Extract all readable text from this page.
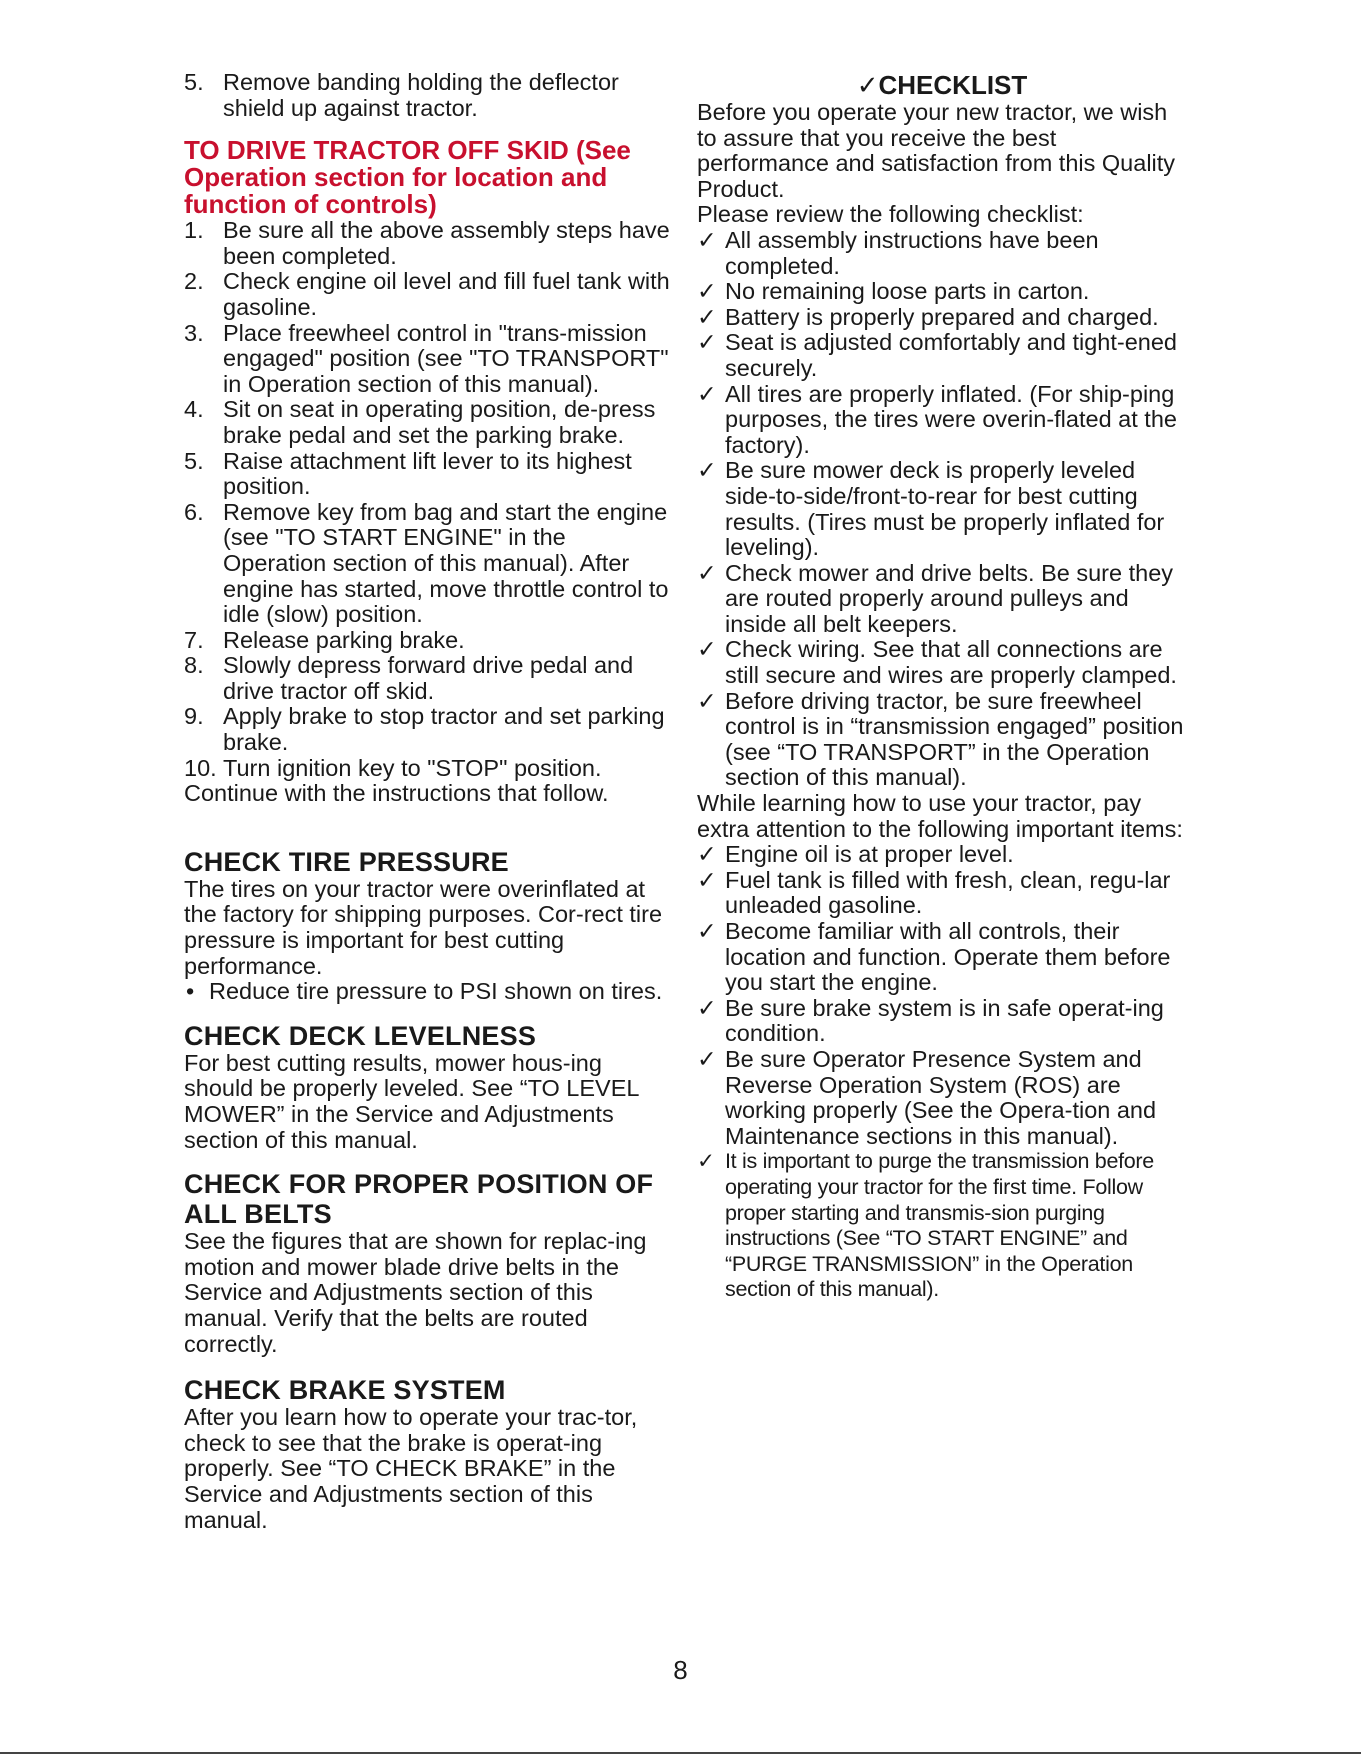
5. Remove banding holding the deflector shield up against tractor.
TO DRIVE TRACTOR OFF SKID (See Operation section for location and function of controls)
1. Be sure all the above assembly steps have been completed.
2. Check engine oil level and fill fuel tank with gasoline.
3. Place freewheel control in "trans-mission engaged" position (see "TO TRANSPORT" in Operation section of this manual).
4. Sit on seat in operating position, de-press brake pedal and set the parking brake.
5. Raise attachment lift lever to its highest position.
6. Remove key from bag and start the engine (see "TO START ENGINE" in the Operation section of this manual). After engine has started, move throttle control to idle (slow) position.
7. Release parking brake.
8. Slowly depress forward drive pedal and drive tractor off skid.
9. Apply brake to stop tractor and set parking brake.
10. Turn ignition key to "STOP" position.

Continue with the instructions that follow.

CHECK TIRE PRESSURE

The tires on your tractor were overinflated at the factory for shipping purposes. Cor-rect tire pressure is important for best cutting performance.

• Reduce tire pressure to PSI shown on tires.
CHECK DECK LEVELNESS

For best cutting results, mower hous-ing should be properly leveled. See “TO LEVEL MOWER” in the Service and Adjustments section of this manual.

CHECK FOR PROPER POSITION OF ALL BELTS

See the figures that are shown for replac-ing motion and mower blade drive belts in the Service and Adjustments section of this manual. Verify that the belts are routed correctly.

CHECK BRAKE SYSTEM

After you learn how to operate your trac-tor, check to see that the brake is operat-ing properly. See “TO CHECK BRAKE” in the Service and Adjustments section of this manual.

✓CHECKLIST

Before you operate your new tractor, we wish to assure that you receive the best performance and satisfaction from this Quality Product.

Please review the following checklist:

✓ All assembly instructions have been completed.
✓ No remaining loose parts in carton.
✓ Battery is properly prepared and charged.
✓ Seat is adjusted comfortably and tight-ened securely.
✓ All tires are properly inflated. (For ship-ping purposes, the tires were overin-flated at the factory).
✓ Be sure mower deck is properly leveled side-to-side/front-to-rear for best cutting results. (Tires must be properly inflated for leveling).
✓ Check mower and drive belts. Be sure they are routed properly around pulleys and inside all belt keepers.
✓ Check wiring. See that all connections are still secure and wires are properly clamped.
✓ Before driving tractor, be sure freewheel control is in “transmission engaged” position (see “TO TRANSPORT” in the Operation section of this manual).

While learning how to use your tractor, pay extra attention to the following important items:

✓ Engine oil is at proper level.
✓ Fuel tank is filled with fresh, clean, regu-lar unleaded gasoline.
✓ Become familiar with all controls, their location and function. Operate them before you start the engine.
✓ Be sure brake system is in safe operat-ing condition.
✓ Be sure Operator Presence System and Reverse Operation System (ROS) are working properly (See the Opera-tion and Maintenance sections in this manual).
✓ It is important to purge the transmission before operating your tractor for the first time. Follow proper starting and transmis-sion purging instructions (See “TO START ENGINE” and “PURGE TRANSMISSION” in the Operation section of this manual).
8
